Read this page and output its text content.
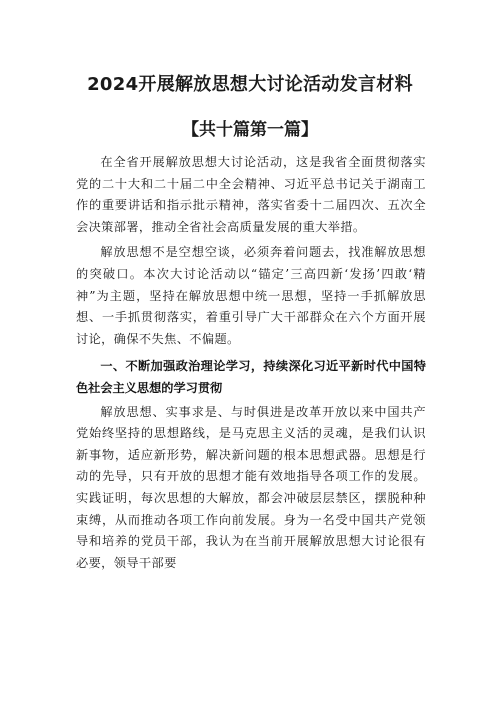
2024开展解放思想大讨论活动发言材料
【共十篇第一篇】

在全省开展解放思想大讨论活动，这是我省全面贯彻落实党的二十大和二十届二中全会精神、习近平总书记关于湖南工作的重要讲话和指示批示精神，落实省委十二届四次、五次全会决策部署，推动全省社会高质量发展的重大举措。

解放思想不是空想空谈，必须奔着问题去，找准解放思想的突破口。本次大讨论活动以“锚定’三高四新‘发扬’四敢‘精神”为主题，坚持在解放思想中统一思想，坚持一手抓解放思想、一手抓贯彻落实，着重引导广大干部群众在六个方面开展讨论，确保不失焦、不偏题。

一、不断加强政治理论学习，持续深化习近平新时代中国特色社会主义思想的学习贯彻

解放思想、实事求是、与时俱进是改革开放以来中国共产党始终坚持的思想路线，是马克思主义活的灵魂，是我们认识新事物，适应新形势，解决新问题的根本思想武器。思想是行动的先导，只有开放的思想才能有效地指导各项工作的发展。实践证明，每次思想的大解放，都会冲破层层禁区，摆脱种种束缚，从而推动各项工作向前发展。身为一名受中国共产党领导和培养的党员干部，我认为在当前开展解放思想大讨论很有必要，领导干部要
